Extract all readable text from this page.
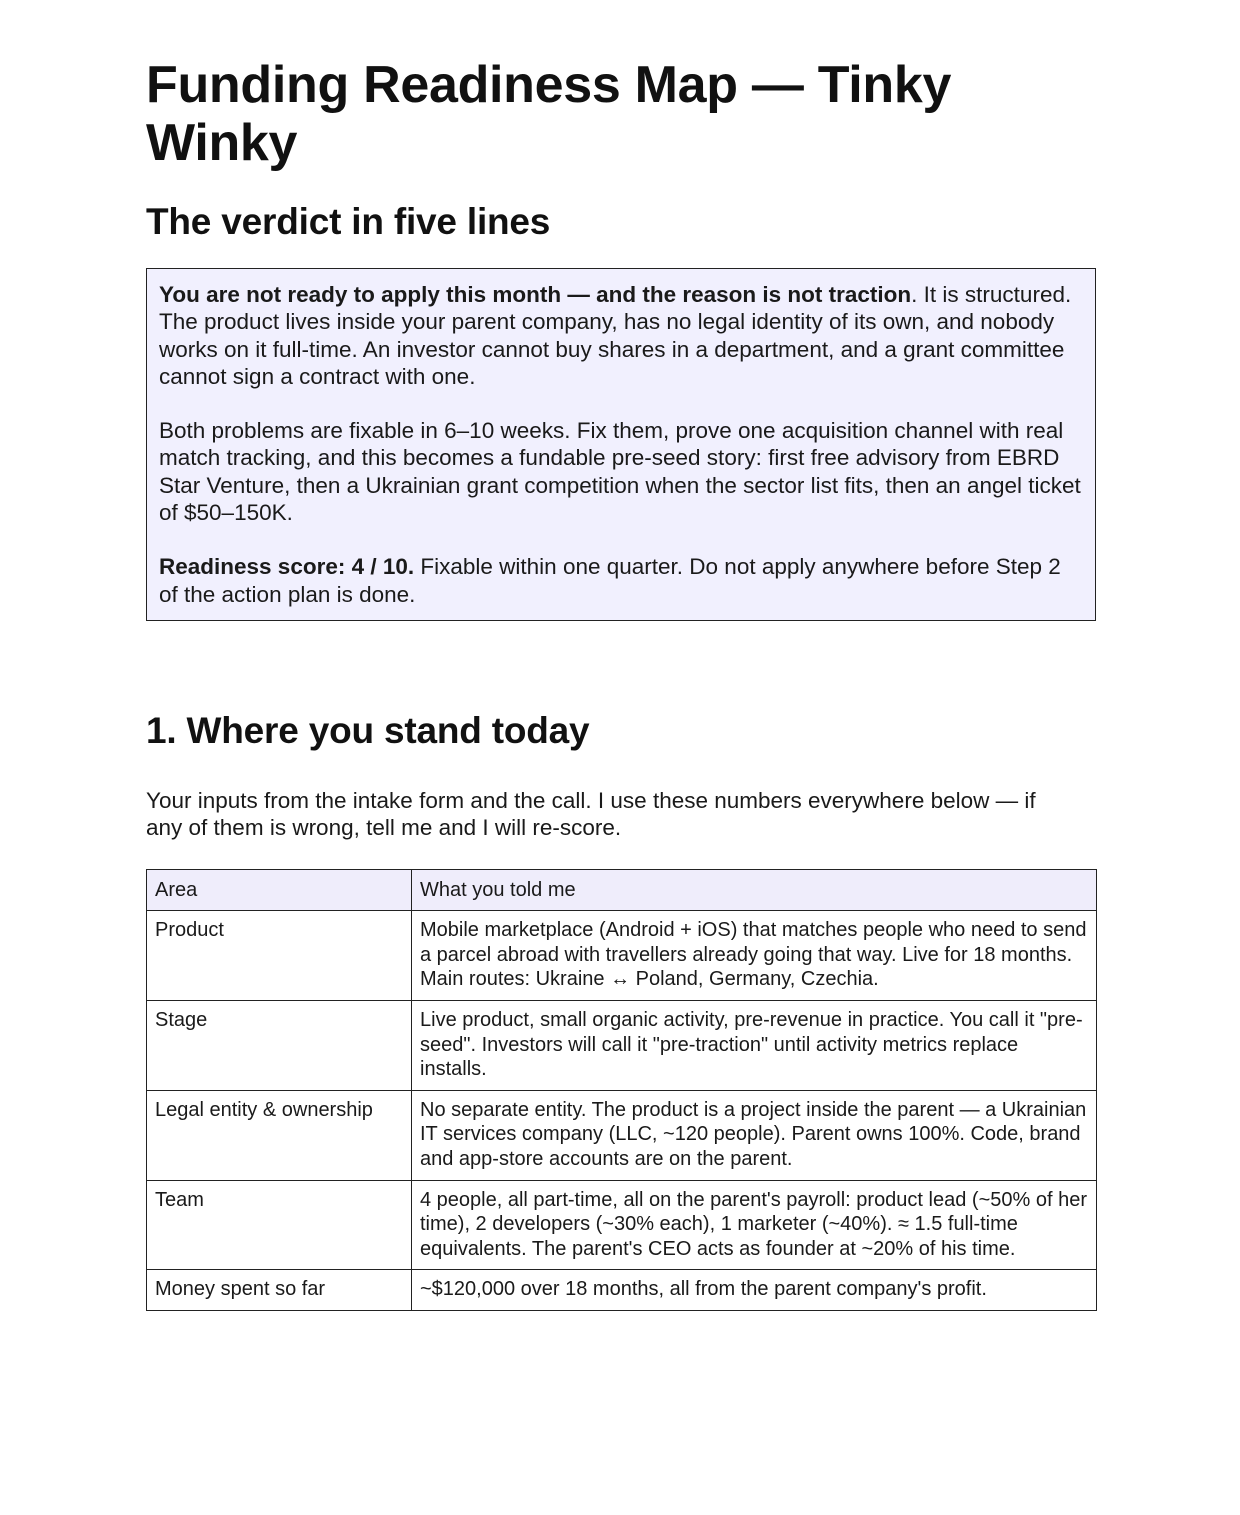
Funding Readiness Map — Tinky Winky
The verdict in five lines

You are not ready to apply this month — and the reason is not traction. It is structured. The product lives inside your parent company, has no legal identity of its own, and nobody works on it full-time. An investor cannot buy shares in a department, and a grant committee cannot sign a contract with one.

Both problems are fixable in 6–10 weeks. Fix them, prove one acquisition channel with real match tracking, and this becomes a fundable pre-seed story: first free advisory from EBRD Star Venture, then a Ukrainian grant competition when the sector list fits, then an angel ticket of $50–150K.

Readiness score: 4 / 10. Fixable within one quarter. Do not apply anywhere before Step 2 of the action plan is done.

1. Where you stand today

Your inputs from the intake form and the call. I use these numbers everywhere below — if any of them is wrong, tell me and I will re-score.

Area	What you told me
Product	Mobile marketplace (Android + iOS) that matches people who need to send a parcel abroad with travellers already going that way. Live for 18 months. Main routes: Ukraine ↔ Poland, Germany, Czechia.
Stage	Live product, small organic activity, pre-revenue in practice. You call it "pre-seed". Investors will call it "pre-traction" until activity metrics replace installs.
Legal entity & ownership	No separate entity. The product is a project inside the parent — a Ukrainian IT services company (LLC, ~120 people). Parent owns 100%. Code, brand and app-store accounts are on the parent.
Team	4 people, all part-time, all on the parent's payroll: product lead (~50% of her time), 2 developers (~30% each), 1 marketer (~40%). ≈ 1.5 full-time equivalents. The parent's CEO acts as founder at ~20% of his time.
Money spent so far	~$120,000 over 18 months, all from the parent company's profit.
